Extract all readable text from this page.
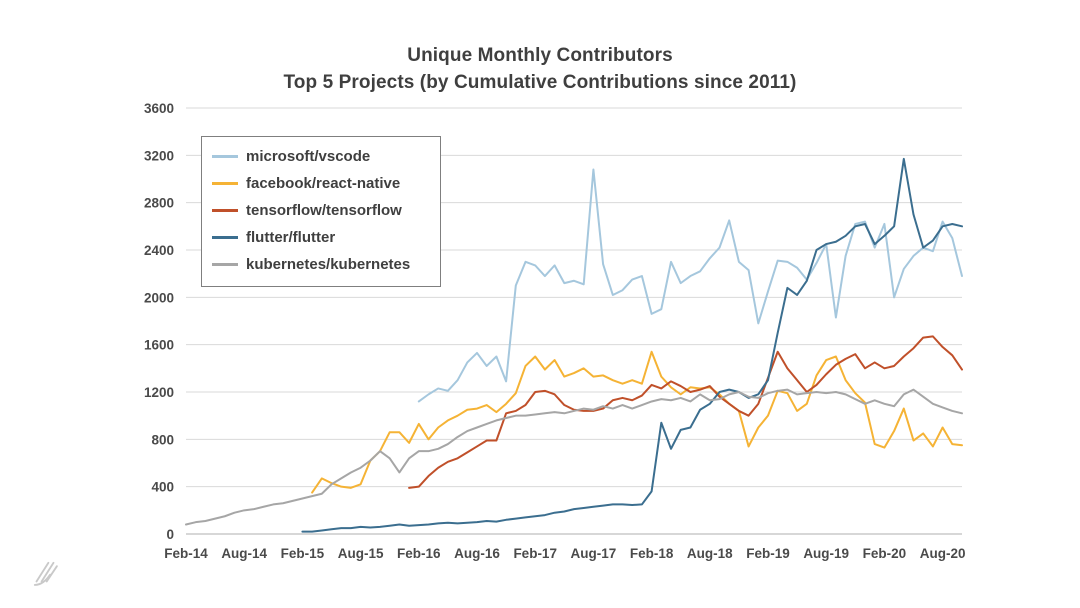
Unique Monthly Contributors
Top 5 Projects (by Cumulative Contributions since 2011)
0
400
800
1200
1600
2000
2400
2800
3200
3600
Feb-14 Aug-14 Feb-15 Aug-15 Feb-16 Aug-16 Feb-17 Aug-17 Feb-18 Aug-18 Feb-19 Aug-19 Feb-20 Aug-20
microsoft/vscode
facebook/react-native
tensorflow/tensorflow
flutter/flutter
kubernetes/kubernetes
